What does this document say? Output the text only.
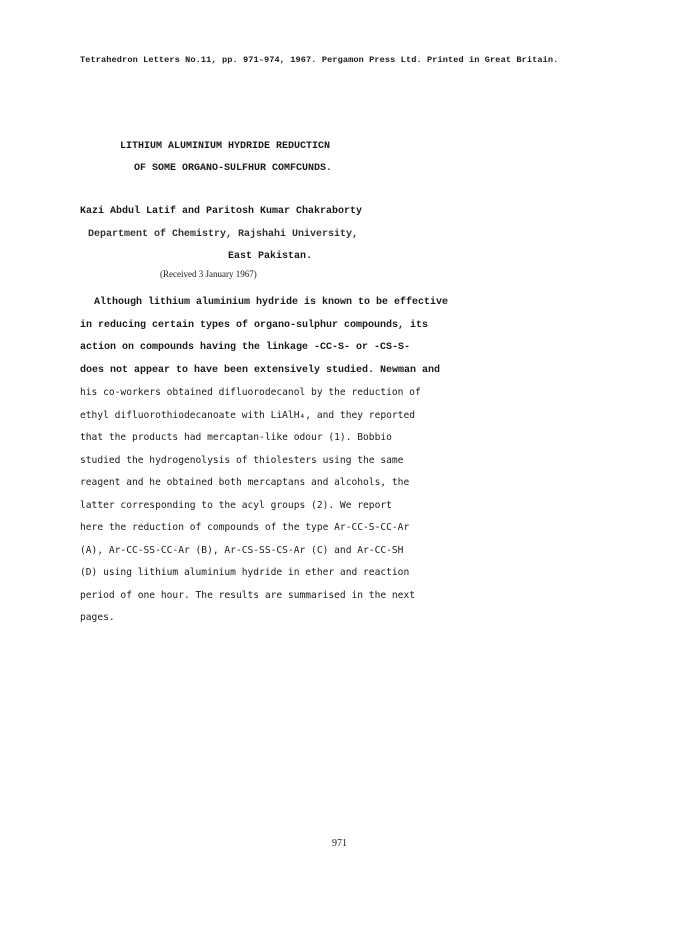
Tetrahedron Letters No.11, pp. 971-974, 1967. Pergamon Press Ltd. Printed in Great Britain.
LITHIUM ALUMINIUM HYDRIDE REDUCTICN
OF SOME ORGANO-SULFHUR COMFCUNDS.
Kazi Abdul Latif and Paritosh Kumar Chakraborty
Department of Chemistry, Rajshahi University,
East Pakistan.
(Received 3 January 1967)
Although lithium aluminium hydride is known to be effective
in reducing certain types of organo-sulphur compounds, its
action on compounds having the linkage -CC-S- or -CS-S-
does not appear to have been extensively studied. Newman and
his co-workers obtained difluorodecanol by the reduction of
ethyl difluorothiodecanoate with LiAlH₄, and they reported
that the products had mercaptan-like odour (1). Bobbio
studied the hydrogenolysis of thiolesters using the same
reagent and he obtained both mercaptans and alcohols, the
latter corresponding to the acyl groups (2). We report
here the reduction of compounds of the type Ar-CC-S-CC-Ar
(A), Ar-CC-SS-CC-Ar (B), Ar-CS-SS-CS-Ar (C) and Ar-CC-SH
(D) using lithium aluminium hydride in ether and reaction
period of one hour. The results are summarised in the next
pages.
971
